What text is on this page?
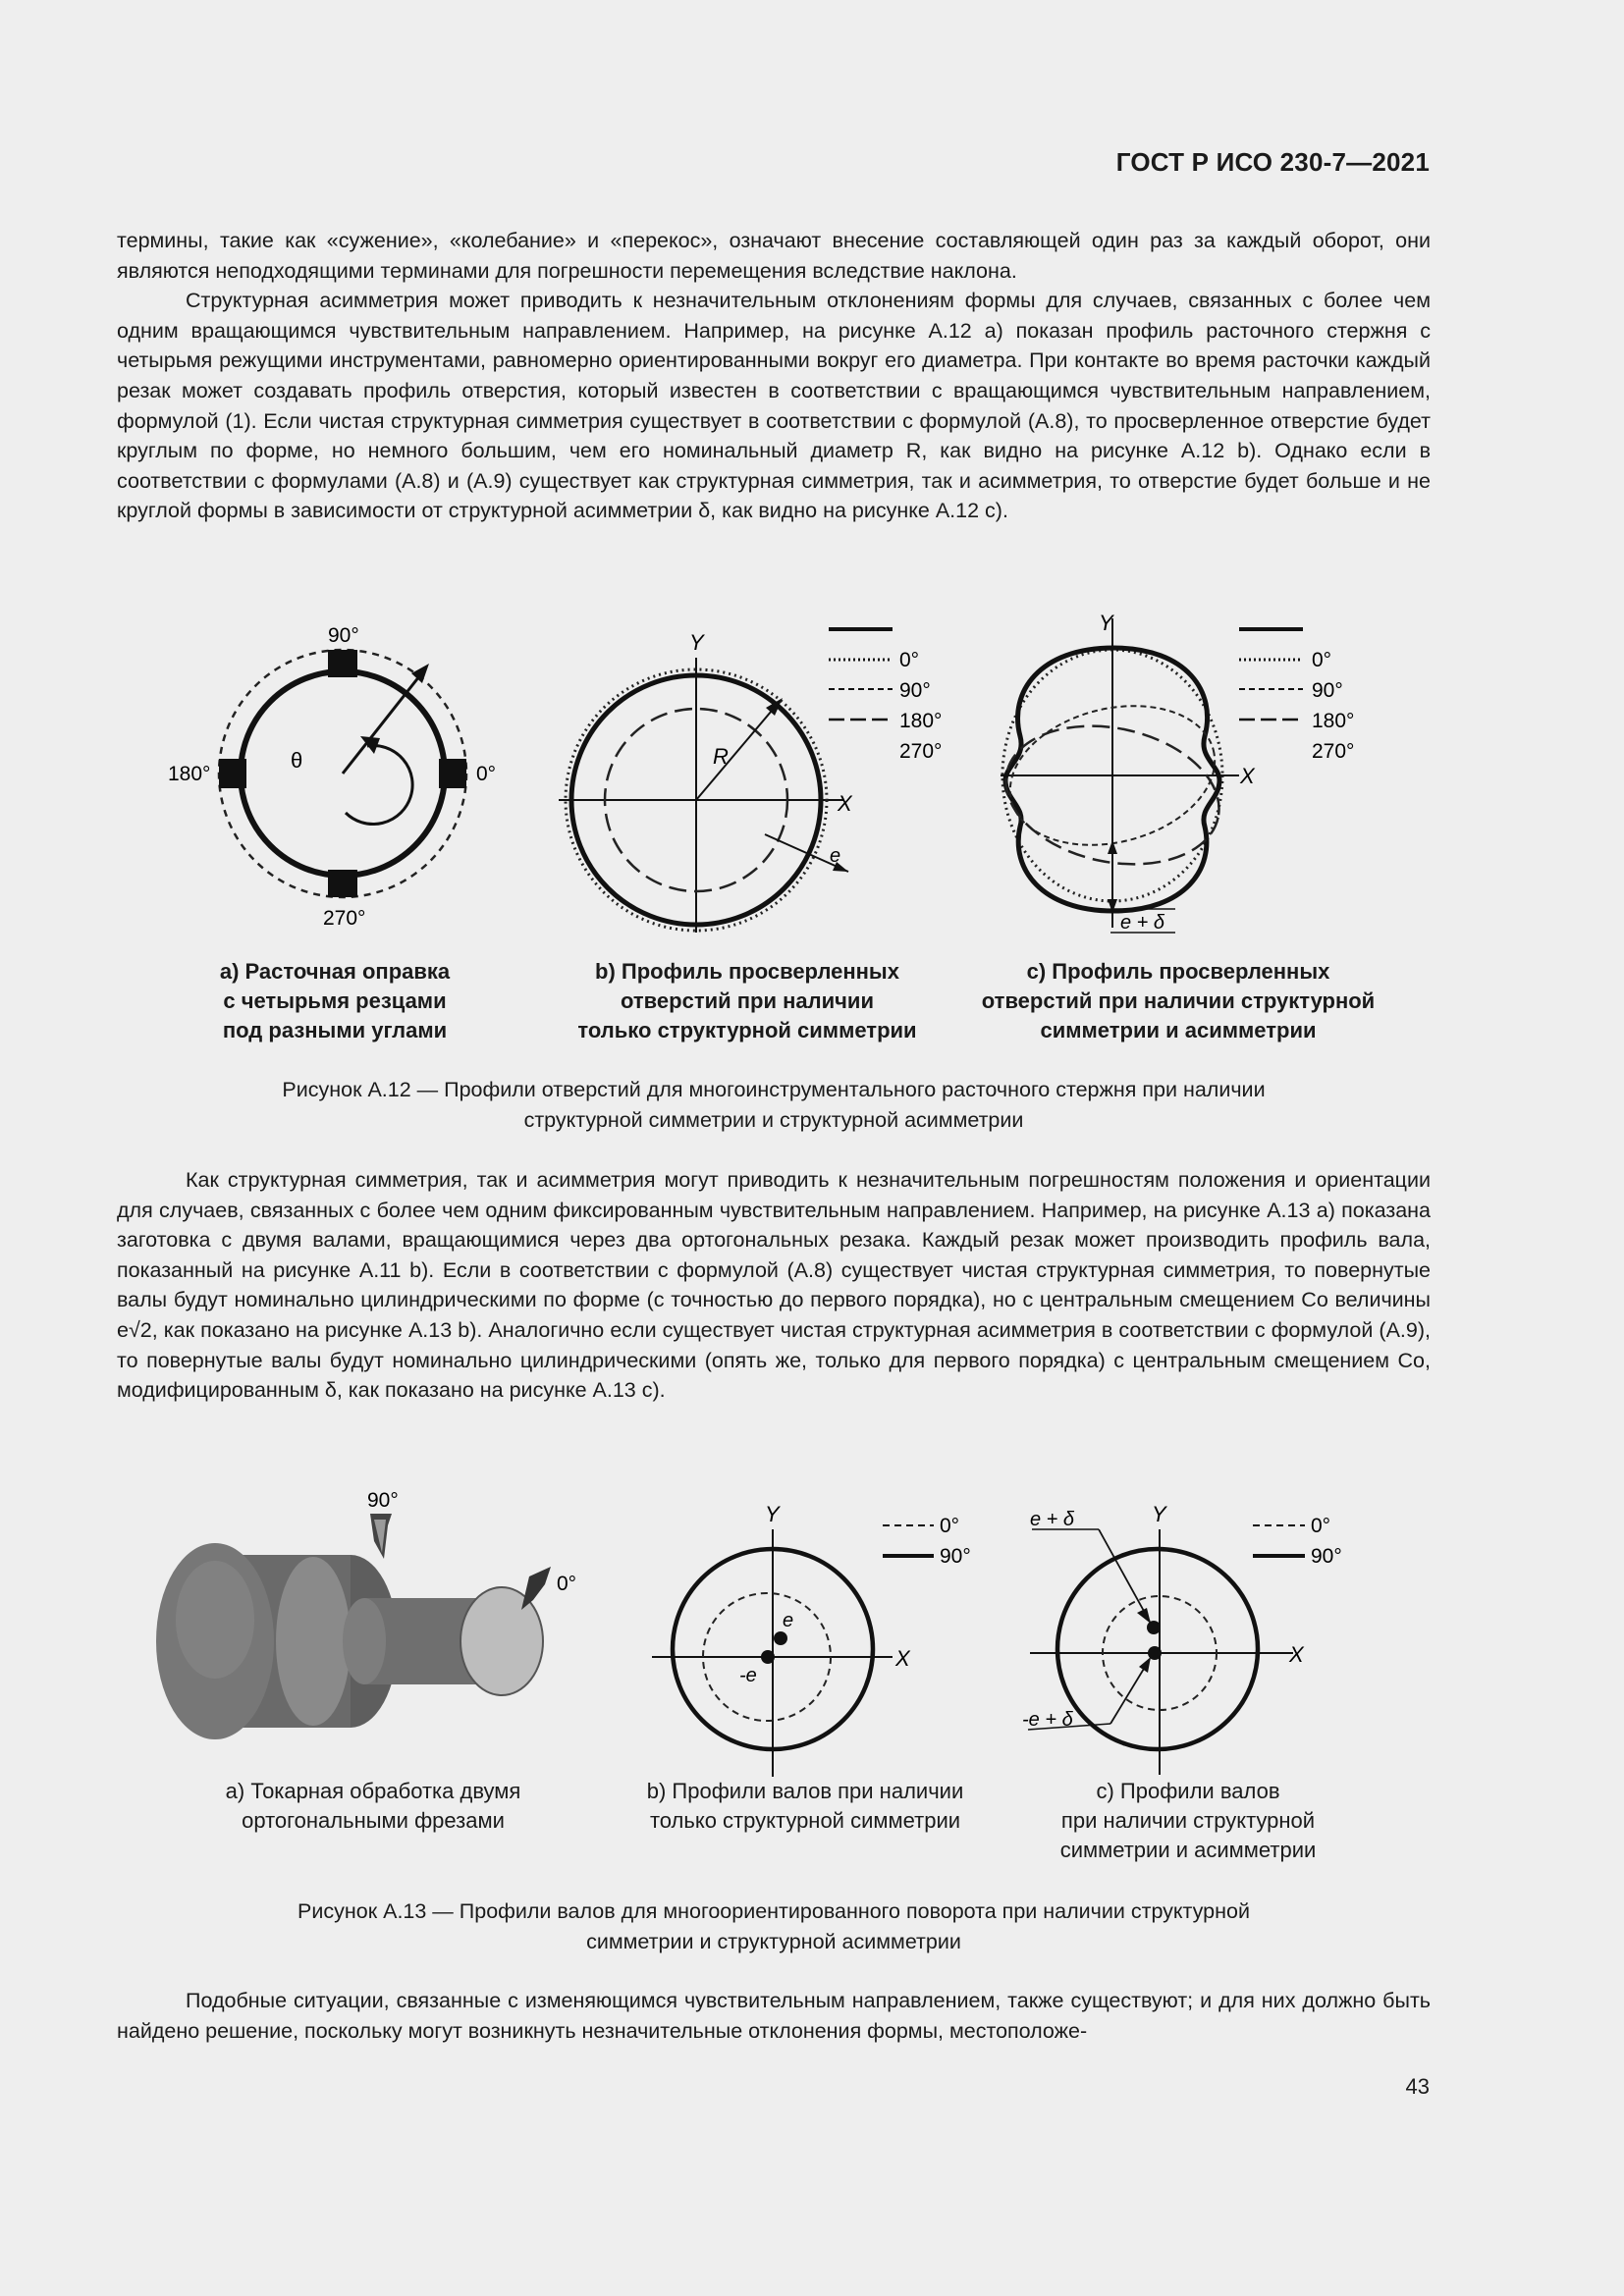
ГОСТ Р ИСО 230-7—2021

термины, такие как «сужение», «колебание» и «перекос», означают внесение составляющей один раз за каждый оборот, они являются неподходящими терминами для погрешности перемещения вследствие наклона.

Структурная асимметрия может приводить к незначительным отклонениям формы для случаев, связанных с более чем одним вращающимся чувствительным направлением. Например, на рисунке А.12 а) показан профиль расточного стержня с четырьмя режущими инструментами, равномерно ориентированными вокруг его диаметра. При контакте во время расточки каждый резак может создавать профиль отверстия, который известен в соответствии с вращающимся чувствительным направлением, формулой (1). Если чистая структурная симметрия существует в соответствии с формулой (А.8), то просверленное отверстие будет круглым по форме, но немного большим, чем его номинальный диаметр R, как видно на рисунке А.12 b). Однако если в соответствии с формулами (А.8) и (А.9) существует как структурная симметрия, так и асимметрия, то отверстие будет больше и не круглой формы в зависимости от структурной асимметрии δ, как видно на рисунке А.12 с).

90°
180°	0°
270°
θ
Y
X
R
e
0°
90°
180°
270°
Y
X
e + δ
0°
90°
180°
270°
а) Расточная оправка
с четырьмя резцами
под разными углами
b) Профиль просверленных
отверстий при наличии
только структурной симметрии
с) Профиль просверленных
отверстий при наличии структурной
симметрии и асимметрии
Рисунок А.12 — Профили отверстий для многоинструментального расточного стержня при наличии
структурной симметрии и структурной асимметрии

Как структурная симметрия, так и асимметрия могут приводить к незначительным погрешностям положения и ориентации для случаев, связанных с более чем одним фиксированным чувствительным направлением. Например, на рисунке А.13 а) показана заготовка с двумя валами, вращающимися через два ортогональных резака. Каждый резак может производить профиль вала, показанный на рисунке А.11 b). Если в соответствии с формулой (А.8) существует чистая структурная симметрия, то повернутые валы будут номинально цилиндрическими по форме (с точностью до первого порядка), но с центральным смещением Cо величины e√2, как показано на рисунке А.13 b). Аналогично если существует чистая структурная асимметрия в соответствии с формулой (А.9), то повернутые валы будут номинально цилиндрическими (опять же, только для первого порядка) с центральным смещением Cо, модифицированным δ, как показано на рисунке А.13 с).

90°
0°
Y
X
e
-e
0°
90°
Y
X
e + δ
-e + δ
0°
90°
а) Токарная обработка двумя
ортогональными фрезами
b) Профили валов при наличии
только структурной симметрии
с) Профили валов
при наличии структурной
симметрии и асимметрии
Рисунок А.13 — Профили валов для многоориентированного поворота при наличии структурной
симметрии и структурной асимметрии

Подобные ситуации, связанные с изменяющимся чувствительным направлением, также существуют; и для них должно быть найдено решение, поскольку могут возникнуть незначительные отклонения формы, местоположе-

43
